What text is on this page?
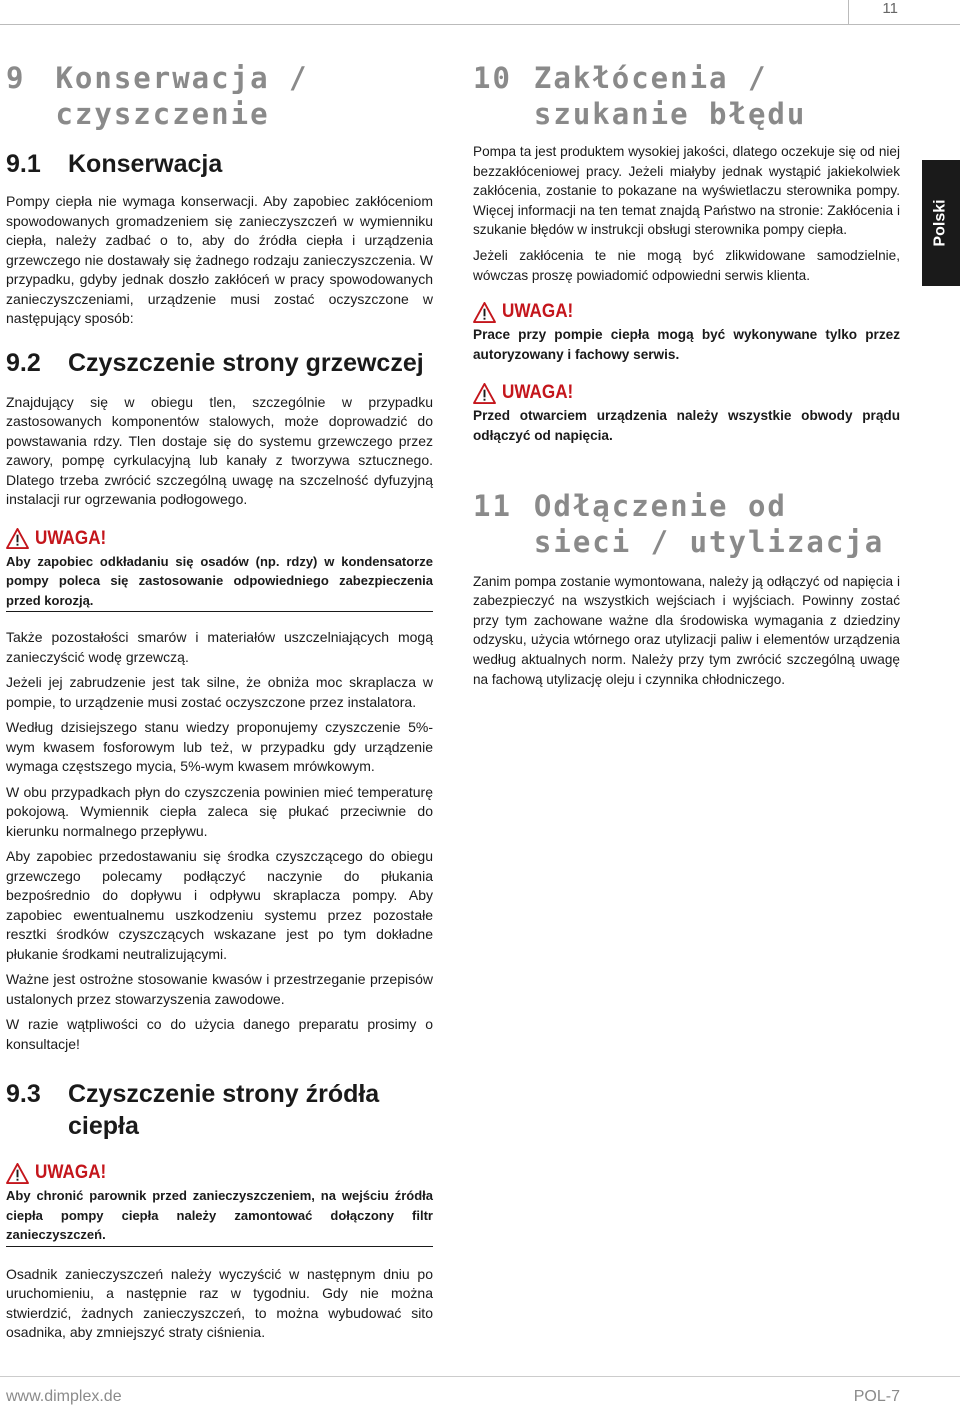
11
Polski
9	Konserwacja / czyszczenie
9.1	Konserwacja

Pompy ciepła nie wymaga konserwacji. Aby zapobiec zakłóceniom spowodowanych gromadzeniem się zanieczyszczeń w wymienniku ciepła, należy zadbać o to, aby do źródła ciepła i urządzenia grzewczego nie dostawały się żadnego rodzaju zanieczyszczenia. W przypadku, gdyby jednak doszło zakłóceń w pracy spowodowanych zanieczyszczeniami, urządzenie musi zostać oczyszczone w następujący sposób:

9.2	Czyszczenie strony grzewczej

Znajdujący się w obiegu tlen, szczególnie w przypadku zastosowanych komponentów stalowych, może doprowadzić do powstawania rdzy. Tlen dostaje się do systemu grzewczego przez zawory, pompę cyrkulacyjną lub kanały z tworzywa sztucznego. Dlatego trzeba zwrócić szczególną uwagę na szczelność dyfuzyjną instalacji rur ogrzewania podłogowego.

UWAGA!

Aby zapobiec odkładaniu się osadów (np. rdzy) w kondensatorze pompy poleca się zastosowanie odpowiedniego zabezpieczenia przed korozją.

Także pozostałości smarów i materiałów uszczelniających mogą zanieczyścić wodę grzewczą.

Jeżeli jej zabrudzenie jest tak silne, że obniża moc skraplacza w pompie, to urządzenie musi zostać oczyszczone przez instalatora.

Według dzisiejszego stanu wiedzy proponujemy czyszczenie 5%-wym kwasem fosforowym lub też, w przypadku gdy urządzenie wymaga częstszego mycia, 5%-wym kwasem mrówkowym.

W obu przypadkach płyn do czyszczenia powinien mieć temperaturę pokojową. Wymiennik ciepła zaleca się płukać przeciwnie do kierunku normalnego przepływu.

Aby zapobiec przedostawaniu się środka czyszczącego do obiegu grzewczego polecamy podłączyć naczynie do płukania bezpośrednio do dopływu i odpływu skraplacza pompy. Aby zapobiec ewentualnemu uszkodzeniu systemu przez pozostałe resztki środków czyszczących wskazane jest po tym dokładne płukanie środkami neutralizującymi.

Ważne jest ostrożne stosowanie kwasów i przestrzeganie przepisów ustalonych przez stowarzyszenia zawodowe.

W razie wątpliwości co do użycia danego preparatu prosimy o konsultacje!

9.3	Czyszczenie strony źródła ciepła
UWAGA!

Aby chronić parownik przed zanieczyszczeniem, na wejściu źródła ciepła pompy ciepła należy zamontować dołączony filtr zanieczyszczeń.

Osadnik zanieczyszczeń należy wyczyścić w następnym dniu po uruchomieniu, a następnie raz w tygodniu. Gdy nie można stwierdzić, żadnych zanieczyszczeń, to można wybudować sito osadnika, aby zmniejszyć straty ciśnienia.

10 Zakłócenia / szukanie błędu

Pompa ta jest produktem wysokiej jakości, dlatego oczekuje się od niej bezzakłóceniowej pracy. Jeżeli miałyby jednak wystąpić jakiekolwiek zakłócenia, zostanie to pokazane na wyświetlaczu sterownika pompy. Więcej informacji na ten temat znajdą Państwo na stronie: Zakłócenia i szukanie błędów w instrukcji obsługi sterownika pompy ciepła.

Jeżeli zakłócenia te nie mogą być zlikwidowane samodzielnie, wówczas proszę powiadomić odpowiedni serwis klienta.

UWAGA!

Prace przy pompie ciepła mogą być wykonywane tylko przez autoryzowany i fachowy serwis.

UWAGA!

Przed otwarciem urządzenia należy wszystkie obwody prądu odłączyć od napięcia.

11 Odłączenie od sieci / utylizacja

Zanim pompa zostanie wymontowana, należy ją odłączyć od napięcia i zabezpieczyć na wszystkich wejściach i wyjściach. Powinny zostać przy tym zachowane ważne dla środowiska wymagania z dziedziny odzysku, użycia wtórnego oraz utylizacji paliw i elementów urządzenia według aktualnych norm. Należy przy tym zwrócić szczególną uwagę na fachową utylizację oleju i czynnika chłodniczego.

www.dimplex.de	POL-7
